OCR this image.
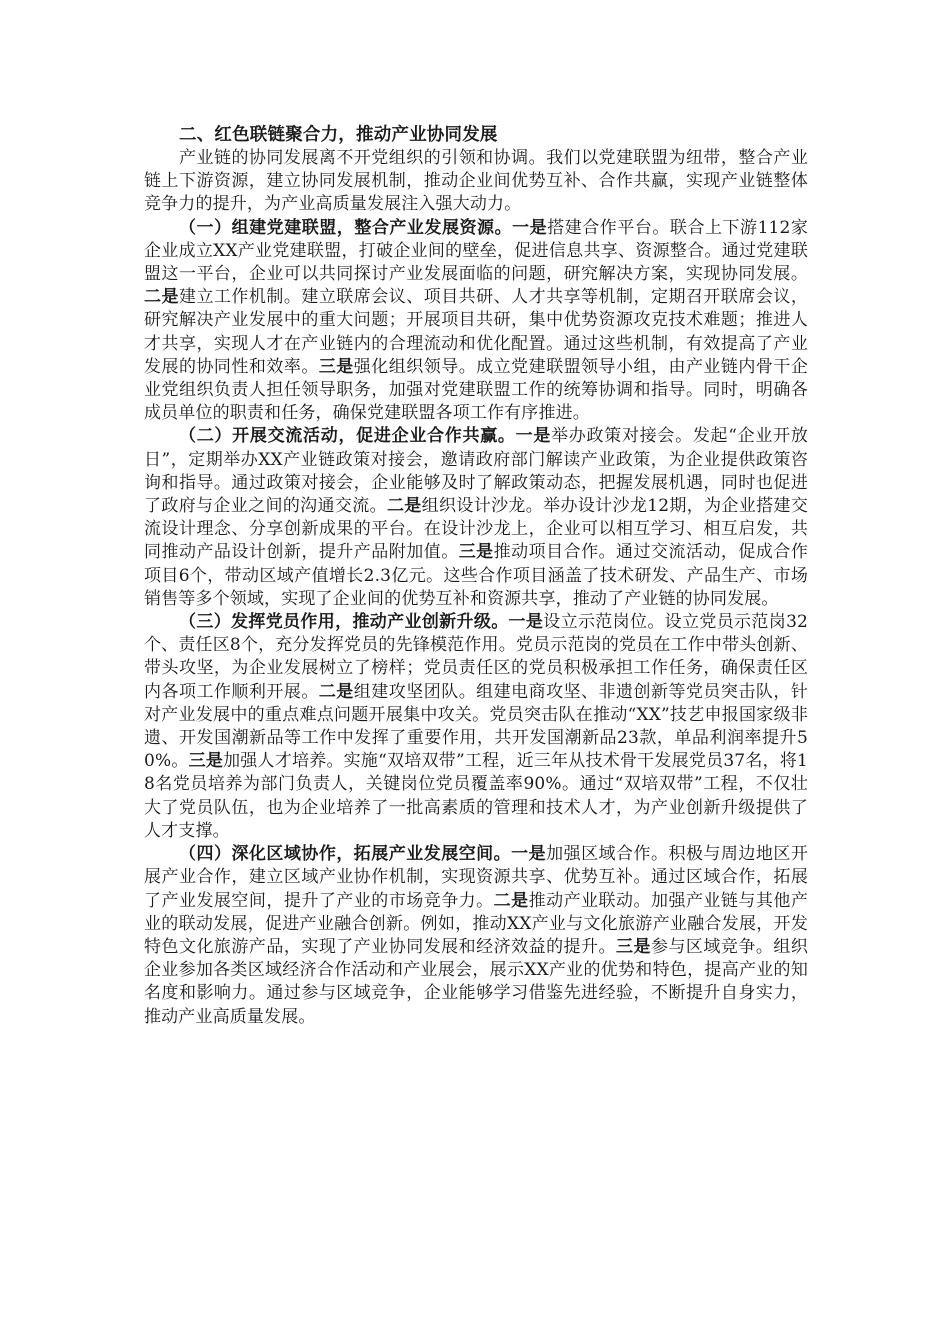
二、红色联链聚合力，推动产业协同发展

产业链的协同发展离不开党组织的引领和协调。我们以党建联盟为纽带，整合产业链上下游资源，建立协同发展机制，推动企业间优势互补、合作共赢，实现产业链整体竞争力的提升，为产业高质量发展注入强大动力。

（一）组建党建联盟，整合产业发展资源。一是搭建合作平台。联合上下游112家企业成立XX产业党建联盟，打破企业间的壁垒，促进信息共享、资源整合。通过党建联盟这一平台，企业可以共同探讨产业发展面临的问题，研究解决方案，实现协同发展。二是建立工作机制。建立联席会议、项目共研、人才共享等机制，定期召开联席会议，研究解决产业发展中的重大问题；开展项目共研，集中优势资源攻克技术难题；推进人才共享，实现人才在产业链内的合理流动和优化配置。通过这些机制，有效提高了产业发展的协同性和效率。三是强化组织领导。成立党建联盟领导小组，由产业链内骨干企业党组织负责人担任领导职务，加强对党建联盟工作的统筹协调和指导。同时，明确各成员单位的职责和任务，确保党建联盟各项工作有序推进。

（二）开展交流活动，促进企业合作共赢。一是举办政策对接会。发起“企业开放日”，定期举办XX产业链政策对接会，邀请政府部门解读产业政策，为企业提供政策咨询和指导。通过政策对接会，企业能够及时了解政策动态，把握发展机遇，同时也促进了政府与企业之间的沟通交流。二是组织设计沙龙。举办设计沙龙12期，为企业搭建交流设计理念、分享创新成果的平台。在设计沙龙上，企业可以相互学习、相互启发，共同推动产品设计创新，提升产品附加值。三是推动项目合作。通过交流活动，促成合作项目6个，带动区域产值增长2.3亿元。这些合作项目涵盖了技术研发、产品生产、市场销售等多个领域，实现了企业间的优势互补和资源共享，推动了产业链的协同发展。

（三）发挥党员作用，推动产业创新升级。一是设立示范岗位。设立党员示范岗32个、责任区8个，充分发挥党员的先锋模范作用。党员示范岗的党员在工作中带头创新、带头攻坚，为企业发展树立了榜样；党员责任区的党员积极承担工作任务，确保责任区内各项工作顺利开展。二是组建攻坚团队。组建电商攻坚、非遗创新等党员突击队，针对产业发展中的重点难点问题开展集中攻关。党员突击队在推动“XX”技艺申报国家级非遗、开发国潮新品等工作中发挥了重要作用，共开发国潮新品23款，单品利润率提升50%。三是加强人才培养。实施“双培双带”工程，近三年从技术骨干发展党员37名，将18名党员培养为部门负责人，关键岗位党员覆盖率90%。通过“双培双带”工程，不仅壮大了党员队伍，也为企业培养了一批高素质的管理和技术人才，为产业创新升级提供了人才支撑。

（四）深化区域协作，拓展产业发展空间。一是加强区域合作。积极与周边地区开展产业合作，建立区域产业协作机制，实现资源共享、优势互补。通过区域合作，拓展了产业发展空间，提升了产业的市场竞争力。二是推动产业联动。加强产业链与其他产业的联动发展，促进产业融合创新。例如，推动XX产业与文化旅游产业融合发展，开发特色文化旅游产品，实现了产业协同发展和经济效益的提升。三是参与区域竞争。组织企业参加各类区域经济合作活动和产业展会，展示XX产业的优势和特色，提高产业的知名度和影响力。通过参与区域竞争，企业能够学习借鉴先进经验，不断提升自身实力，推动产业高质量发展。
